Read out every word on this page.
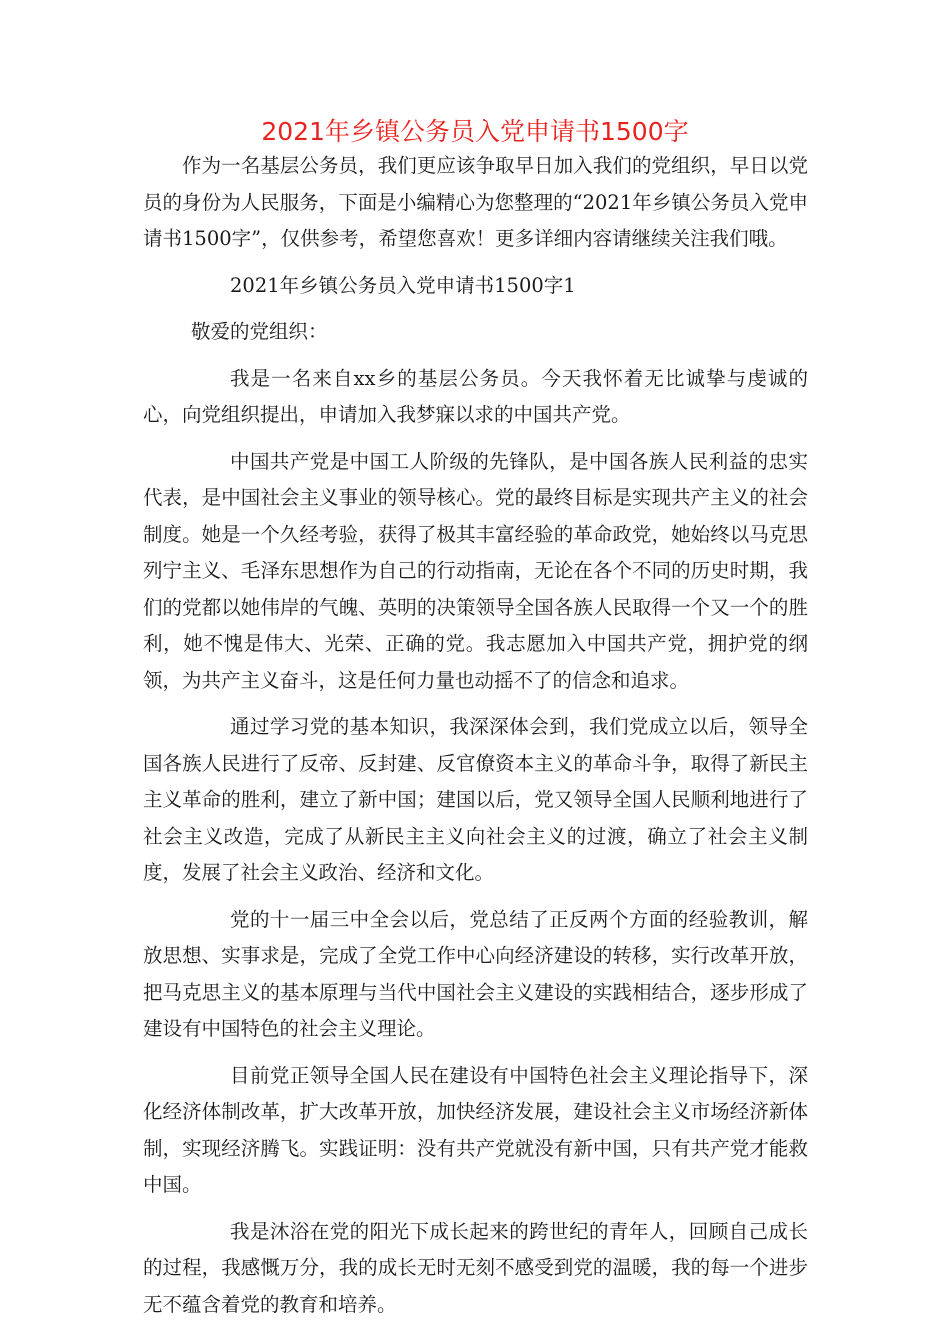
2021年乡镇公务员入党申请书1500字

作为一名基层公务员，我们更应该争取早日加入我们的党组织，早日以党员的身份为人民服务，下面是小编精心为您整理的“2021年乡镇公务员入党申请书1500字”，仅供参考，希望您喜欢！更多详细内容请继续关注我们哦。

2021年乡镇公务员入党申请书1500字1

敬爱的党组织：

我是一名来自xx乡的基层公务员。今天我怀着无比诚挚与虔诚的心，向党组织提出，申请加入我梦寐以求的中国共产党。

中国共产党是中国工人阶级的先锋队，是中国各族人民利益的忠实代表，是中国社会主义事业的领导核心。党的最终目标是实现共产主义的社会制度。她是一个久经考验，获得了极其丰富经验的革命政党，她始终以马克思列宁主义、毛泽东思想作为自己的行动指南，无论在各个不同的历史时期，我们的党都以她伟岸的气魄、英明的决策领导全国各族人民取得一个又一个的胜利，她不愧是伟大、光荣、正确的党。我志愿加入中国共产党，拥护党的纲领，为共产主义奋斗，这是任何力量也动摇不了的信念和追求。

通过学习党的基本知识，我深深体会到，我们党成立以后，领导全国各族人民进行了反帝、反封建、反官僚资本主义的革命斗争，取得了新民主主义革命的胜利，建立了新中国；建国以后，党又领导全国人民顺利地进行了社会主义改造，完成了从新民主主义向社会主义的过渡，确立了社会主义制度，发展了社会主义政治、经济和文化。

党的十一届三中全会以后，党总结了正反两个方面的经验教训，解放思想、实事求是，完成了全党工作中心向经济建设的转移，实行改革开放，把马克思主义的基本原理与当代中国社会主义建设的实践相结合，逐步形成了建设有中国特色的社会主义理论。

目前党正领导全国人民在建设有中国特色社会主义理论指导下，深化经济体制改革，扩大改革开放，加快经济发展，建设社会主义市场经济新体制，实现经济腾飞。实践证明：没有共产党就没有新中国，只有共产党才能救中国。

我是沐浴在党的阳光下成长起来的跨世纪的青年人，回顾自己成长的过程，我感慨万分，我的成长无时无刻不感受到党的温暖，我的每一个进步无不蕴含着党的教育和培养。
